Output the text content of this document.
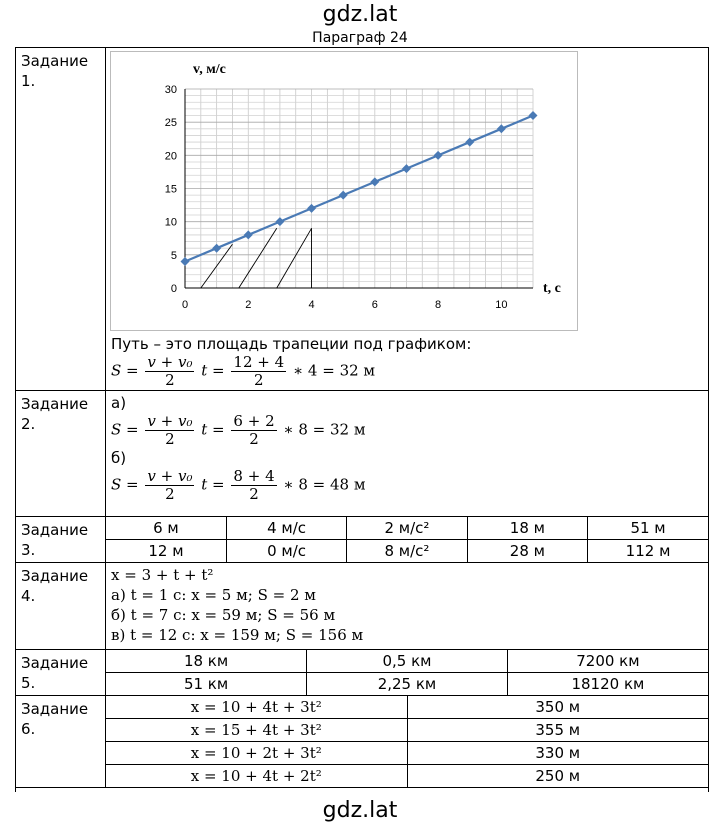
gdz.lat
Параграф 24
Задание 1.	
0
5
10
15
20
25
30
0	2	4	6	8	10
v, м/с
t, c
Путь – это площадь трапеции под графиком:
$S = \frac{\text{v + v₀}}{2}$ $t = \frac{12 + 4}{2}$ ∗ 4 = 32 м

Задание 2.	
а)
$S = \frac{\text{v + v₀}}{2}$ $t = \frac{6 + 2}{2}$ ∗ 8 = 32 м
б)
$S = \frac{\text{v + v₀}}{2}$ $t = \frac{8 + 4}{2}$ ∗ 8 = 48 м

Задание 3.	
6 м	4 м/с	2 м/с²	18 м	51 м
12 м	0 м/с	8 м/с²	28 м	112 м

Задание 4.	
x = 3 + t + t²
а) t = 1 с: x = 5 м; S = 2 м
б) t = 7 с: x = 59 м; S = 56 м
в) t = 12 с: x = 159 м; S = 156 м

Задание 5.	
18 км	0,5 км	7200 км
51 км	2,25 км	18120 км

Задание 6.	
x = 10 + 4t + 3t²	350 м
x = 15 + 4t + 3t²	355 м
x = 10 + 2t + 3t²	330 м
x = 10 + 4t + 2t²	250 м
gdz.lat
